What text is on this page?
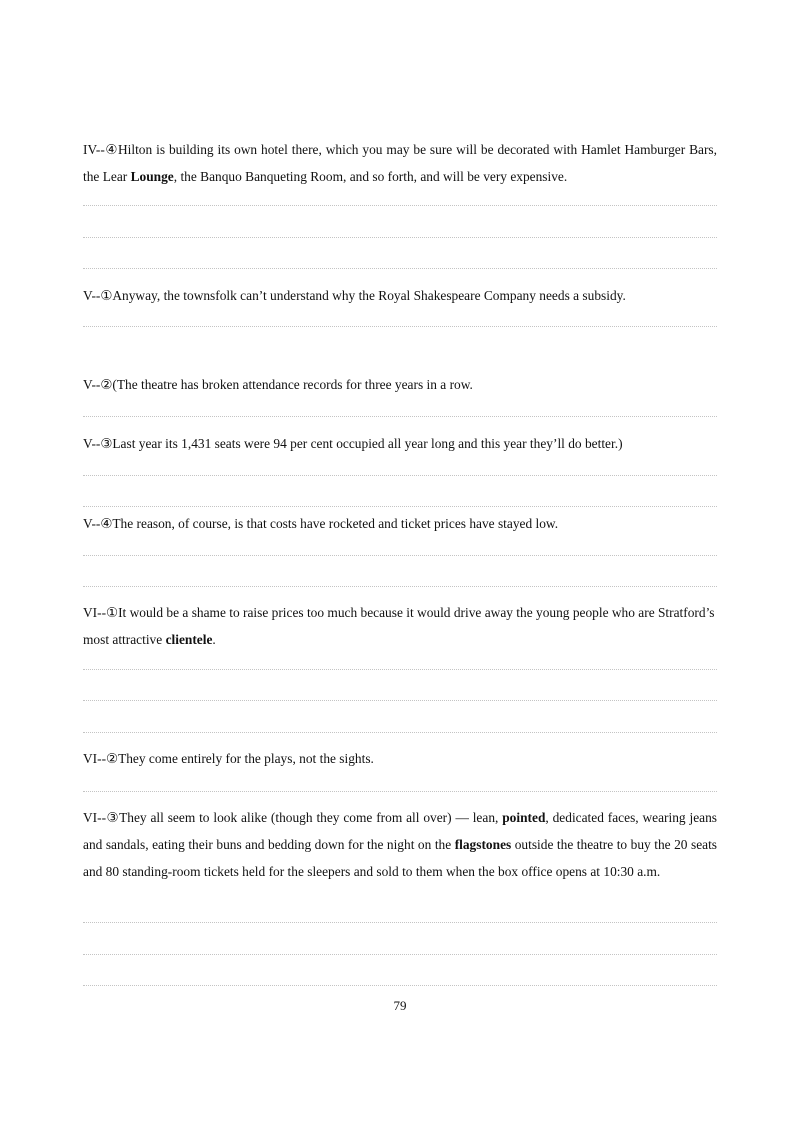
IV--④Hilton is building its own hotel there, which you may be sure will be decorated with Hamlet Hamburger Bars, the Lear Lounge, the Banquo Banqueting Room, and so forth, and will be very expensive.
V--①Anyway, the townsfolk can’t understand why the Royal Shakespeare Company needs a subsidy.
V--②(The theatre has broken attendance records for three years in a row.
V--③Last year its 1,431 seats were 94 per cent occupied all year long and this year they’ll do better.)
V--④The reason, of course, is that costs have rocketed and ticket prices have stayed low.
VI--①It would be a shame to raise prices too much because it would drive away the young people who are Stratford’s most attractive clientele.
VI--②They come entirely for the plays, not the sights.
VI--③They all seem to look alike (though they come from all over) — lean, pointed, dedicated faces, wearing jeans and sandals, eating their buns and bedding down for the night on the flagstones outside the theatre to buy the 20 seats and 80 standing-room tickets held for the sleepers and sold to them when the box office opens at 10:30 a.m.
79
